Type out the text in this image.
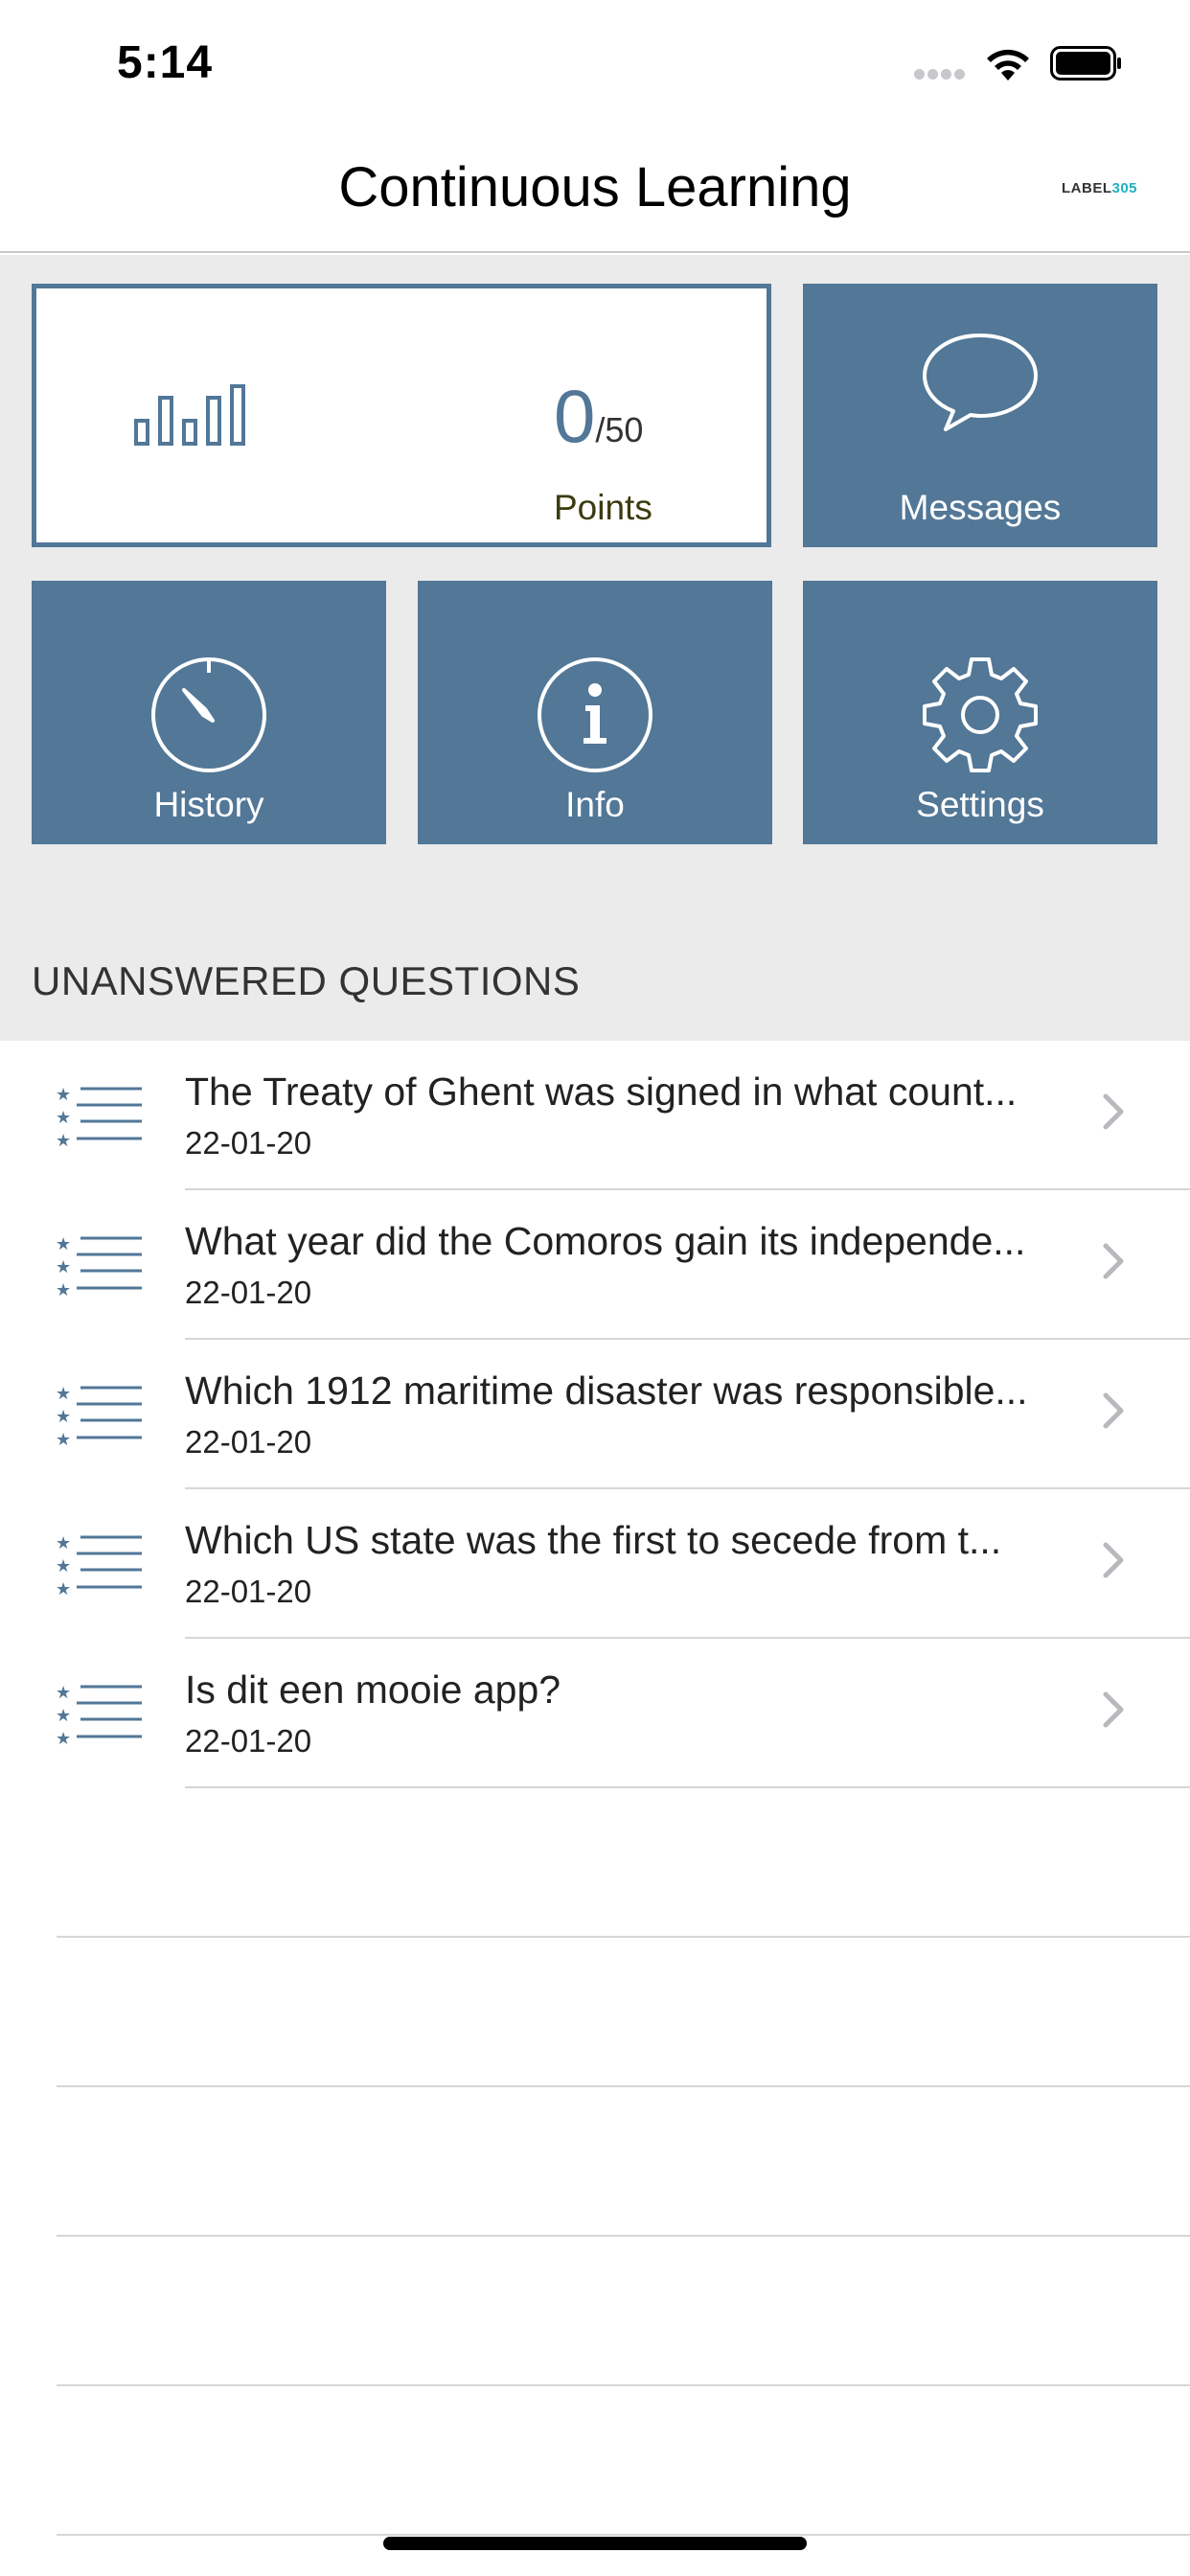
5:14
Continuous Learning	LABEL305
0/50
Points	Messages
History	Info	Settings
UNANSWERED QUESTIONS
★
★
★
The Treaty of Ghent was signed in what count...
22-01-20
★
★
★
What year did the Comoros gain its independe...
22-01-20
★
★
★
Which 1912 maritime disaster was responsible...
22-01-20
★
★
★
Which US state was the first to secede from t...
22-01-20
★
★
★
Is dit een mooie app?
22-01-20
